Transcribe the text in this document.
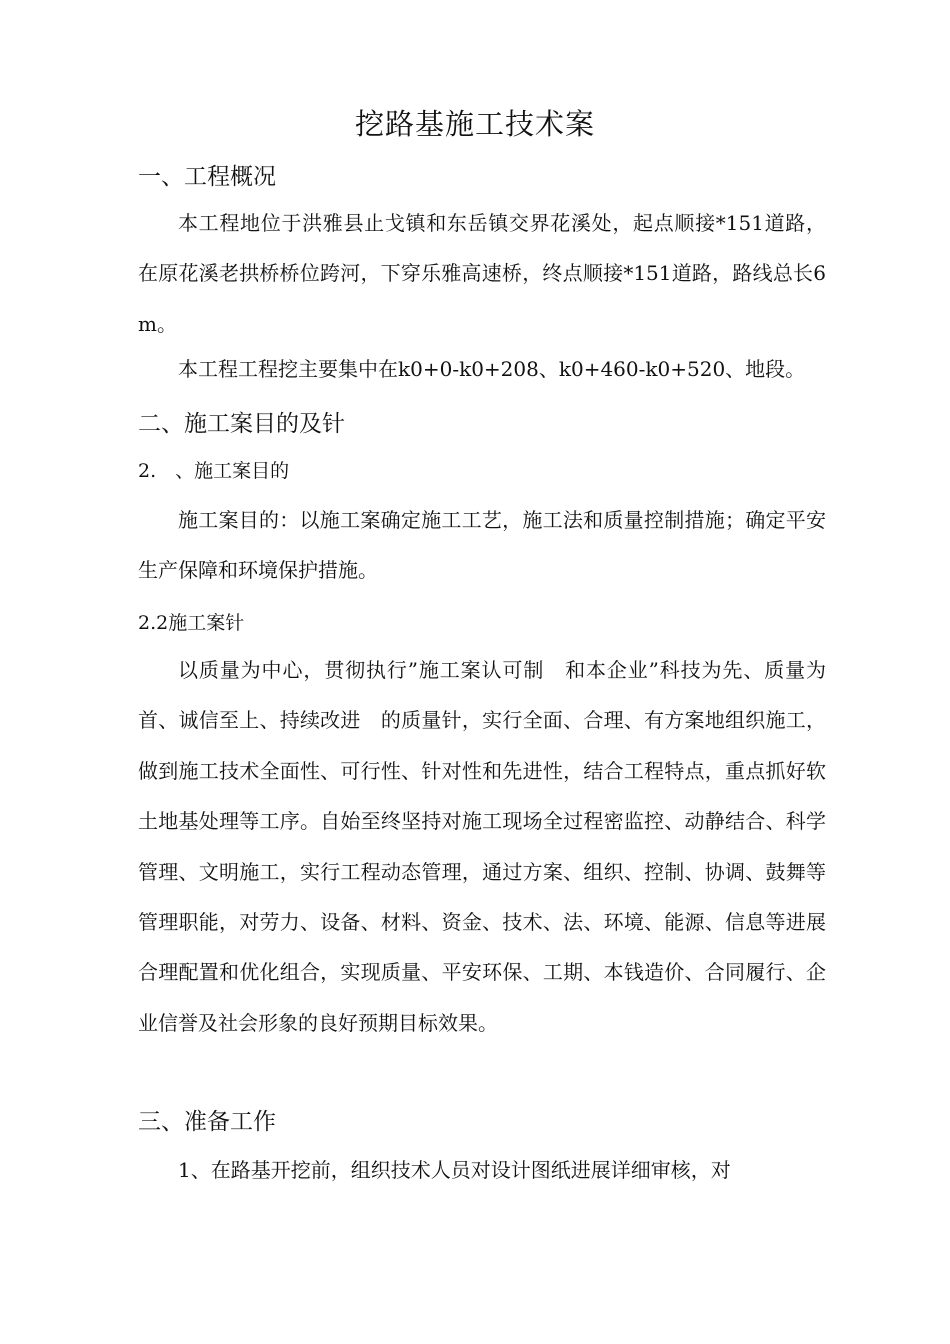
挖路基施工技术案
一、工程概况

本工程地位于洪雅县止戈镇和东岳镇交界花溪处，起点顺接*151道路，在原花溪老拱桥桥位跨河，下穿乐雅高速桥，终点顺接*151道路，路线总长6m。

本工程工程挖主要集中在k0+0-k0+208、k0+460-k0+520、地段。

二、施工案目的及针
2.　、施工案目的

施工案目的：以施工案确定施工工艺，施工法和质量控制措施；确定平安生产保障和环境保护措施。

2.2施工案针

以质量为中心，贯彻执行”施工案认可制　和本企业”科技为先、质量为首、诚信至上、持续改进　的质量针，实行全面、合理、有方案地组织施工，做到施工技术全面性、可行性、针对性和先进性，结合工程特点，重点抓好软土地基处理等工序。自始至终坚持对施工现场全过程密监控、动静结合、科学管理、文明施工，实行工程动态管理，通过方案、组织、控制、协调、鼓舞等管理职能，对劳力、设备、材料、资金、技术、法、环境、能源、信息等进展合理配置和优化组合，实现质量、平安环保、工期、本钱造价、合同履行、企业信誉及社会形象的良好预期目标效果。

三、准备工作

1、在路基开挖前，组织技术人员对设计图纸进展详细审核，对
